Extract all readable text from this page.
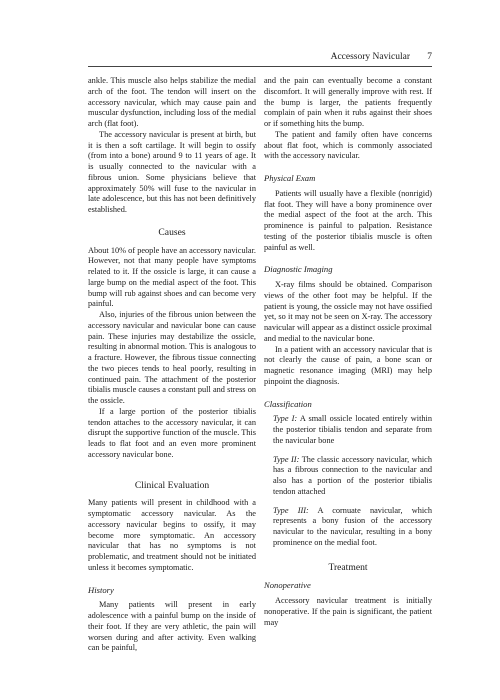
Accessory Navicular 7

ankle. This muscle also helps stabilize the medial arch of the foot. The tendon will insert on the accessory navicular, which may cause pain and muscular dysfunction, including loss of the medial arch (flat foot).

The accessory navicular is present at birth, but it is then a soft cartilage. It will begin to ossify (from into a bone) around 9 to 11 years of age. It is usually connected to the navicular with a fibrous union. Some physicians believe that approximately 50% will fuse to the navicular in late adolescence, but this has not been definitively established.

Causes

About 10% of people have an accessory navicular. However, not that many people have symptoms related to it. If the ossicle is large, it can cause a large bump on the medial aspect of the foot. This bump will rub against shoes and can become very painful.

Also, injuries of the fibrous union between the accessory navicular and navicular bone can cause pain. These injuries may destabilize the ossicle, resulting in abnormal motion. This is analogous to a fracture. However, the fibrous tissue connecting the two pieces tends to heal poorly, resulting in continued pain. The attachment of the posterior tibialis muscle causes a constant pull and stress on the ossicle.

If a large portion of the posterior tibialis tendon attaches to the accessory navicular, it can disrupt the supportive function of the muscle. This leads to flat foot and an even more prominent accessory navicular bone.

Clinical Evaluation

Many patients will present in childhood with a symptomatic accessory navicular. As the accessory navicular begins to ossify, it may become more symptomatic. An accessory navicular that has no symptoms is not problematic, and treatment should not be initiated unless it becomes symptomatic.

History

Many patients will present in early adolescence with a painful bump on the inside of their foot. If they are very athletic, the pain will worsen during and after activity. Even walking can be painful,

and the pain can eventually become a constant discomfort. It will generally improve with rest. If the bump is larger, the patients frequently complain of pain when it rubs against their shoes or if something hits the bump.

The patient and family often have concerns about flat foot, which is commonly associated with the accessory navicular.

Physical Exam

Patients will usually have a flexible (nonrigid) flat foot. They will have a bony prominence over the medial aspect of the foot at the arch. This prominence is painful to palpation. Resistance testing of the posterior tibialis muscle is often painful as well.

Diagnostic Imaging

X-ray films should be obtained. Comparison views of the other foot may be helpful. If the patient is young, the ossicle may not have ossified yet, so it may not be seen on X-ray. The accessory navicular will appear as a distinct ossicle proximal and medial to the navicular bone.

In a patient with an accessory navicular that is not clearly the cause of pain, a bone scan or magnetic resonance imaging (MRI) may help pinpoint the diagnosis.

Classification

Type I: A small ossicle located entirely within the posterior tibialis tendon and separate from the navicular bone

Type II: The classic accessory navicular, which has a fibrous connection to the navicular and also has a portion of the posterior tibialis tendon attached

Type III: A cornuate navicular, which represents a bony fusion of the accessory navicular to the navicular, resulting in a bony prominence on the medial foot.

Treatment
Nonoperative

Accessory navicular treatment is initially nonoperative. If the pain is significant, the patient may
